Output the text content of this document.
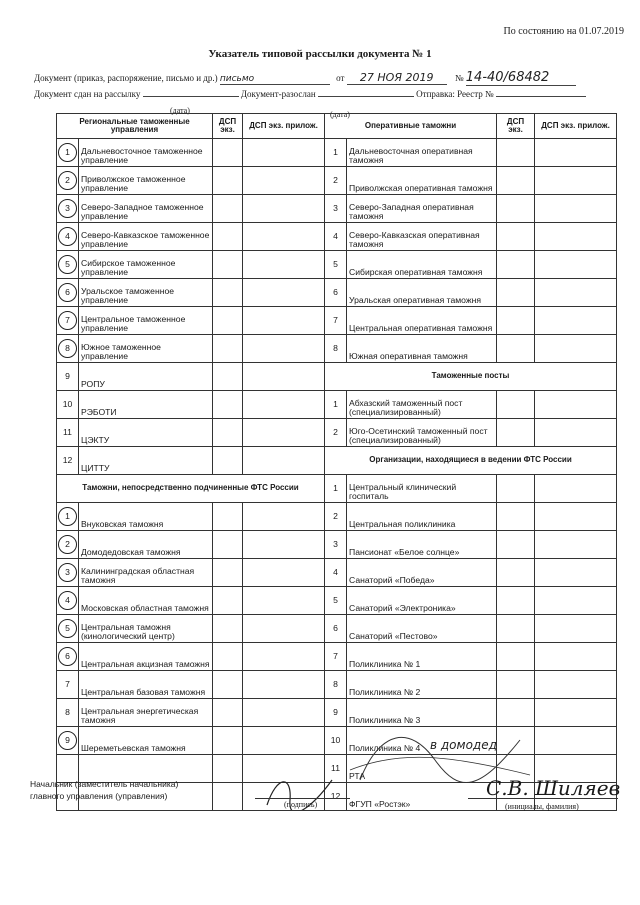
По состоянию на 01.07.2019
Указатель типовой рассылки документа № 1
Документ (приказ, распоряжение, письмо и др.) письмо	от 27 НОЯ 2019 № 14-40/68482
Документ сдан на рассылку	Документ-разослан	Отправка: Реестр №
(дата)	(дата)
Региональные таможенные управления		ДСП экз.	ДСП экз. прилож.	Оперативные таможни		ДСП экз.	ДСП экз. прилож.
1	Дальневосточное таможенное управление			1	Дальневосточная оперативная таможня		
2	Приволжское таможенное управление			2	Приволжская оперативная таможня		
3	Северо-Западное таможенное управление			3	Северо-Западная оперативная таможня		
4	Северо-Кавказское таможенное управление			4	Северо-Кавказская оперативная таможня		
5	Сибирское таможенное управление			5	Сибирская оперативная таможня		
6	Уральское таможенное управление			6	Уральская оперативная таможня		
7	Центральное таможенное управление			7	Центральная оперативная таможня		
8	Южное таможенное управление			8	Южная оперативная таможня		
9	РОПУ			Таможенные посты			
10	РЭБОТИ			1	Абхазский таможенный пост (специализированный)		
11	ЦЭКТУ			2	Юго-Осетинский таможенный пост (специализированный)		
12	ЦИТТУ			Организации, находящиеся в ведении ФТС России			
Таможни, непосредственно подчиненные ФТС России				1	Центральный клинический госпиталь		
1	Внуковская таможня			2	Центральная поликлиника		
2	Домодедовская таможня			3	Пансионат «Белое солнце»		
3	Калининградская областная таможня			4	Санаторий «Победа»		
4	Московская областная таможня			5	Санаторий «Электроника»		
5	Центральная таможня (кинологический центр)			6	Санаторий «Пестово»		
6	Центральная акцизная таможня			7	Поликлиника № 1		
7	Центральная базовая таможня			8	Поликлиника № 2		
8	Центральная энергетическая таможня			9	Поликлиника № 3		
9	Шереметьевская таможня			10	Поликлиника № 4		
				11	РТА		
				12	ФГУП «Ростэк»		
в домодед
Начальник (заместитель начальника)
главного управления (управления)
(подпись)
С.В. Шиляев
(инициалы, фамилия)
